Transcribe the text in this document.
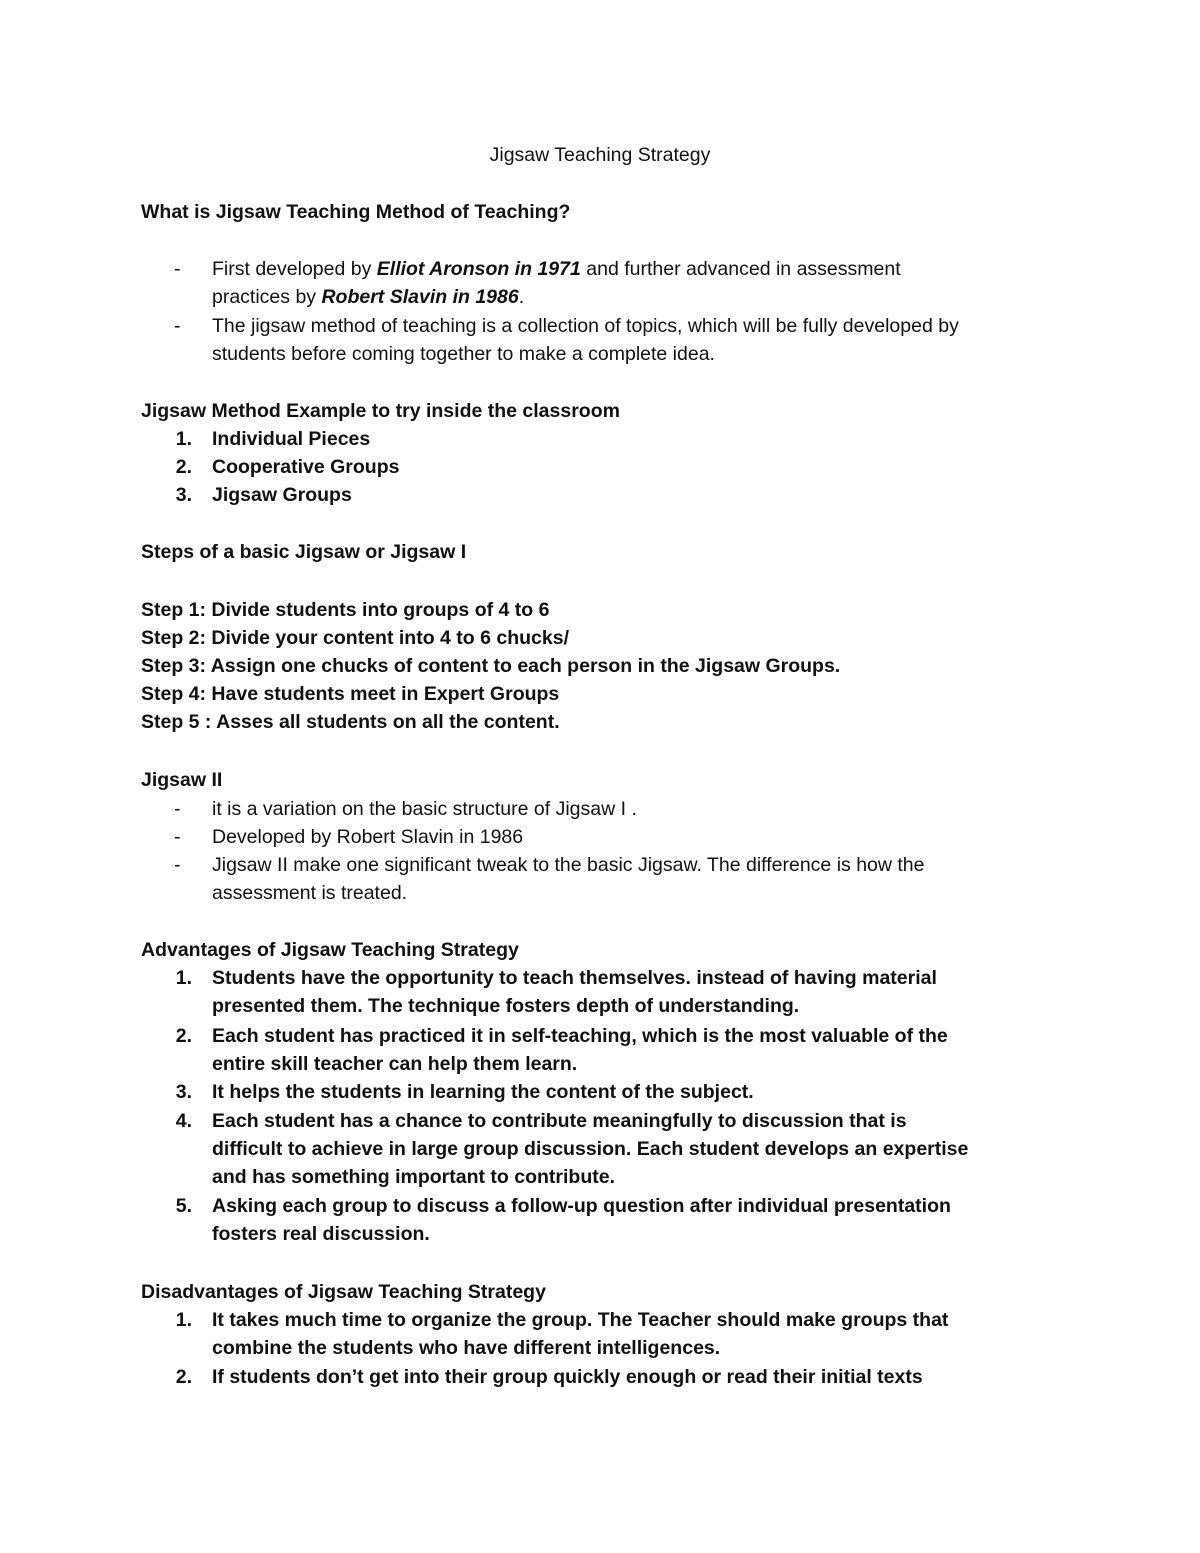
Jigsaw Teaching Strategy
What is Jigsaw Teaching Method of Teaching?
- First developed by Elliot Aronson in 1971 and further advanced in assessment
practices by Robert Slavin in 1986.
- The jigsaw method of teaching is a collection of topics, which will be fully developed by
students before coming together to make a complete idea.
Jigsaw Method Example to try inside the classroom
1. Individual Pieces
2. Cooperative Groups
3. Jigsaw Groups
Steps of a basic Jigsaw or Jigsaw I
Step 1: Divide students into groups of 4 to 6
Step 2: Divide your content into 4 to 6 chucks/
Step 3: Assign one chucks of content to each person in the Jigsaw Groups.
Step 4: Have students meet in Expert Groups
Step 5 : Asses all students on all the content.
Jigsaw II
- it is a variation on the basic structure of Jigsaw I .
- Developed by Robert Slavin in 1986
- Jigsaw II make one significant tweak to the basic Jigsaw. The difference is how the
assessment is treated.
Advantages of Jigsaw Teaching Strategy
1. Students have the opportunity to teach themselves. instead of having material
presented them. The technique fosters depth of understanding.
2. Each student has practiced it in self-teaching, which is the most valuable of the
entire skill teacher can help them learn.
3. It helps the students in learning the content of the subject.
4. Each student has a chance to contribute meaningfully to discussion that is
difficult to achieve in large group discussion. Each student develops an expertise
and has something important to contribute.
5. Asking each group to discuss a follow-up question after individual presentation
fosters real discussion.
Disadvantages of Jigsaw Teaching Strategy
1. It takes much time to organize the group. The Teacher should make groups that
combine the students who have different intelligences.
2. If students don’t get into their group quickly enough or read their initial texts
